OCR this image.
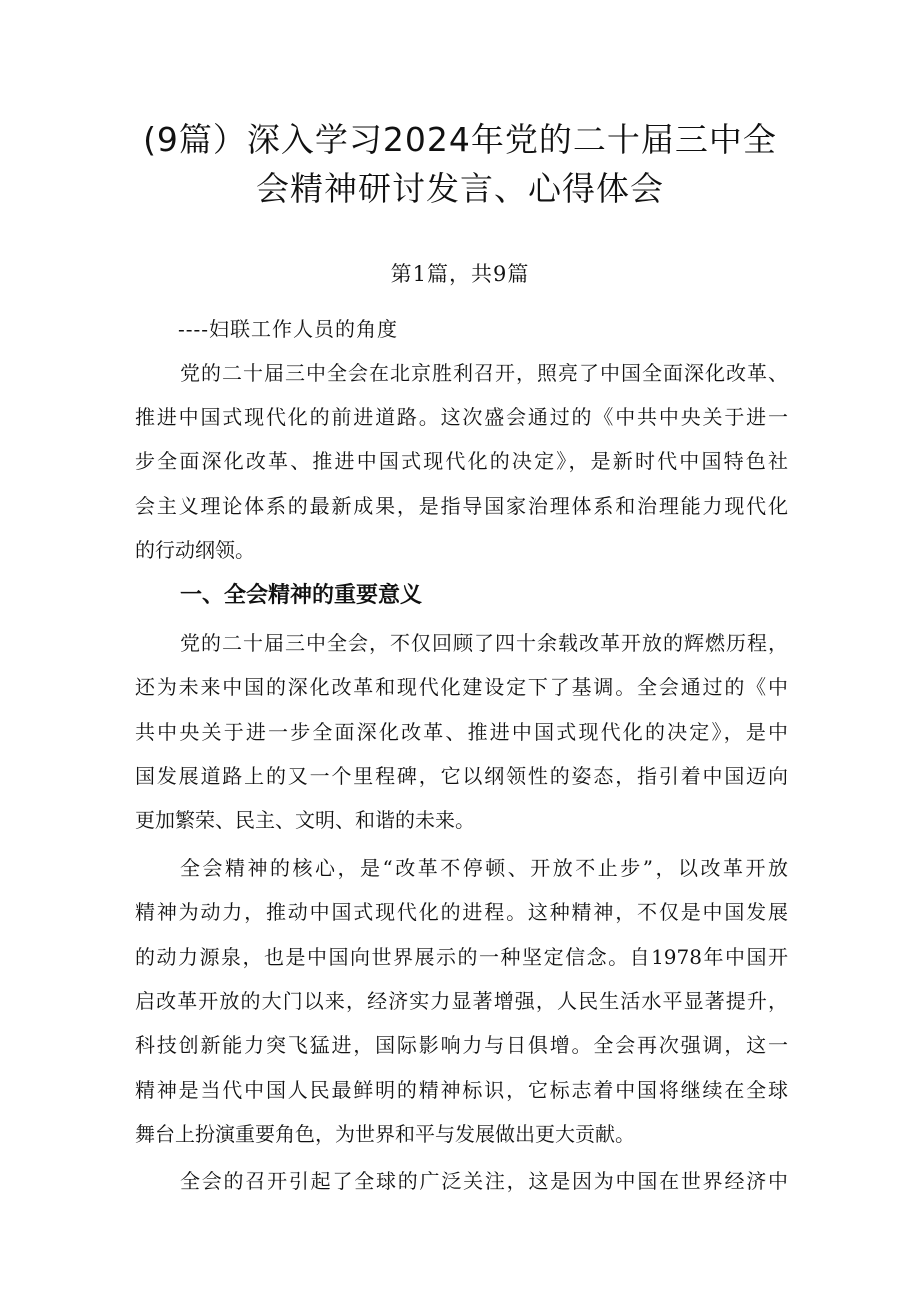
(9篇）深入学习2024年党的二十届三中全
会精神研讨发言、心得体会
第1篇，共9篇
----妇联工作人员的角度
党的二十届三中全会在北京胜利召开，照亮了中国全面深化改革、
推进中国式现代化的前进道路。这次盛会通过的《中共中央关于进一
步全面深化改革、推进中国式现代化的决定》，是新时代中国特色社
会主义理论体系的最新成果，是指导国家治理体系和治理能力现代化
的行动纲领。
一、全会精神的重要意义
党的二十届三中全会，不仅回顾了四十余载改革开放的辉燃历程，
还为未来中国的深化改革和现代化建设定下了基调。全会通过的《中
共中央关于进一步全面深化改革、推进中国式现代化的决定》，是中
国发展道路上的又一个里程碑，它以纲领性的姿态，指引着中国迈向
更加繁荣、民主、文明、和谐的未来。
全会精神的核心，是“改革不停顿、开放不止步”，以改革开放
精神为动力，推动中国式现代化的进程。这种精神，不仅是中国发展
的动力源泉，也是中国向世界展示的一种坚定信念。自1978年中国开
启改革开放的大门以来，经济实力显著增强，人民生活水平显著提升，
科技创新能力突飞猛进，国际影响力与日俱增。全会再次强调，这一
精神是当代中国人民最鲜明的精神标识，它标志着中国将继续在全球
舞台上扮演重要角色，为世界和平与发展做出更大贡献。
全会的召开引起了全球的广泛关注，这是因为中国在世界经济中
